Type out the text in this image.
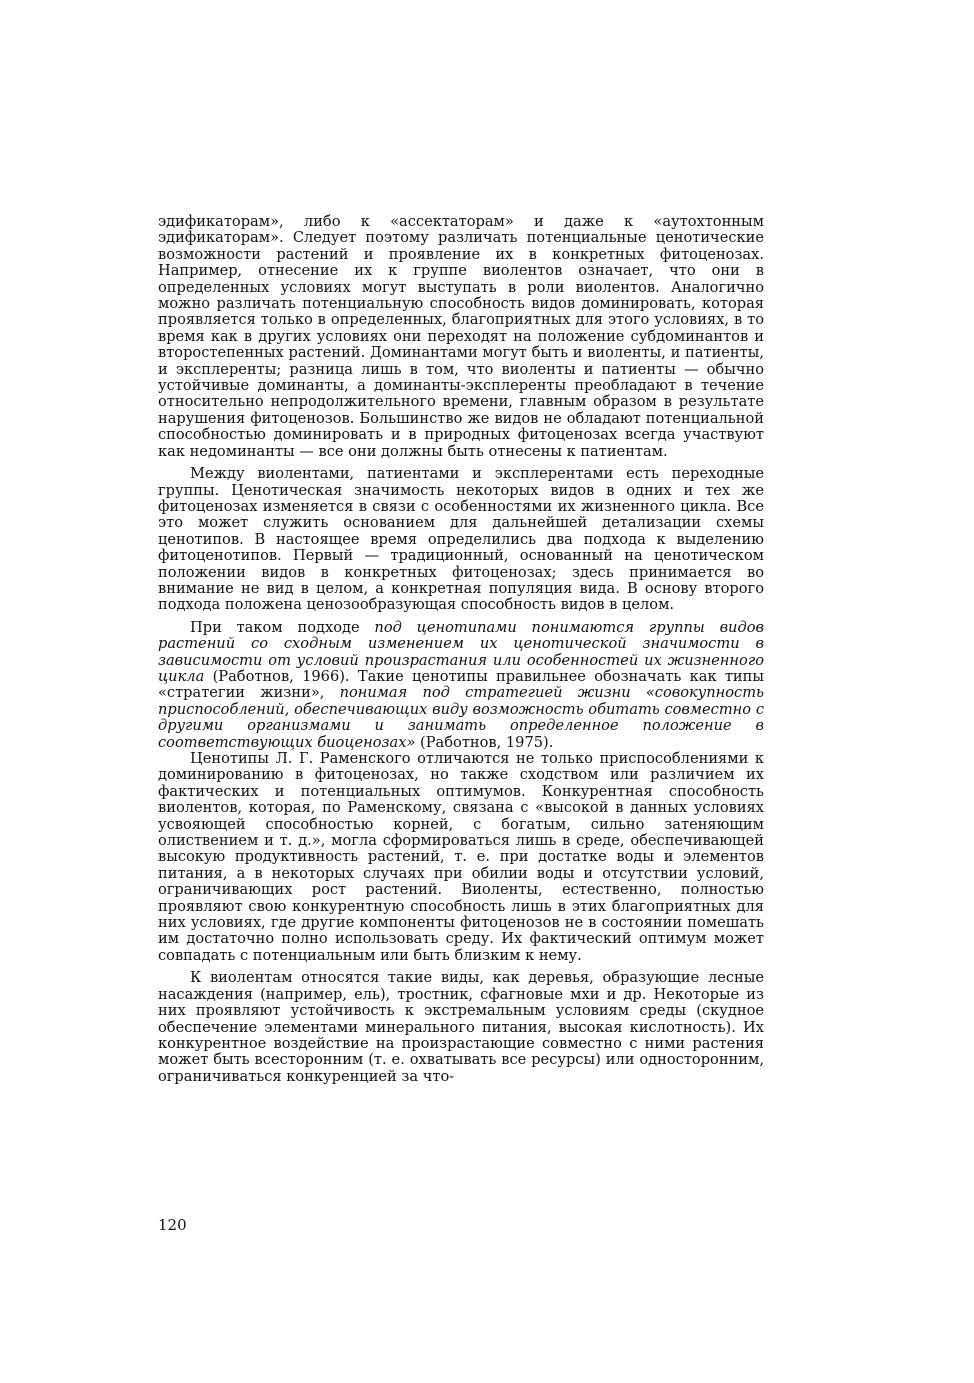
эдификаторам», либо к «ассектаторам» и даже к «аутохтонным эдификаторам». Следует поэтому различать потенциальные ценотические возможности растений и проявление их в конкретных фитоценозах. Например, отнесение их к группе виолентов означает, что они в определенных условиях могут выступать в роли виолентов. Аналогично можно различать потенциальную способность видов доминировать, которая проявляется только в определенных, благоприятных для этого условиях, в то время как в других условиях они переходят на положение субдоминантов и второстепенных растений. Доминантами могут быть и виоленты, и патиенты, и эксплеренты; разница лишь в том, что виоленты и патиенты — обычно устойчивые доминанты, а доминанты-эксплеренты преобладают в течение относительно непродолжительного времени, главным образом в результате нарушения фитоценозов. Большинство же видов не обладают потенциальной способностью доминировать и в природных фитоценозах всегда участвуют как недоминанты — все они должны быть отнесены к патиентам.

Между виолентами, патиентами и эксплерентами есть переходные группы. Ценотическая значимость некоторых видов в одних и тех же фитоценозах изменяется в связи с особенностями их жизненного цикла. Все это может служить основанием для дальнейшей детализации схемы ценотипов. В настоящее время определились два подхода к выделению фитоценотипов. Первый — традиционный, основанный на ценотическом положении видов в конкретных фитоценозах; здесь принимается во внимание не вид в целом, а конкретная популяция вида. В основу второго подхода положена ценозообразующая способность видов в целом.

При таком подходе под ценотипами понимаются группы видов растений со сходным изменением их ценотической значимости в зависимости от условий произрастания или особенностей их жизненного цикла (Работнов, 1966). Такие ценотипы правильнее обозначать как типы «стратегии жизни», понимая под стратегией жизни «совокупность приспособлений, обеспечивающих виду возможность обитать совместно с другими организмами и занимать определенное положение в соответствующих биоценозах» (Работнов, 1975).

Ценотипы Л. Г. Раменского отличаются не только приспособлениями к доминированию в фитоценозах, но также сходством или различием их фактических и потенциальных оптимумов. Конкурентная способность виолентов, которая, по Раменскому, связана с «высокой в данных условиях усвояющей способностью корней, с богатым, сильно затеняющим олиствением и т. д.», могла сформироваться лишь в среде, обеспечивающей высокую продуктивность растений, т. е. при достатке воды и элементов питания, а в некоторых случаях при обилии воды и отсутствии условий, ограничивающих рост растений. Виоленты, естественно, полностью проявляют свою конкурентную способность лишь в этих благоприятных для них условиях, где другие компоненты фитоценозов не в состоянии помешать им достаточно полно использовать среду. Их фактический оптимум может совпадать с потенциальным или быть близким к нему.

К виолентам относятся такие виды, как деревья, образующие лесные насаждения (например, ель), тростник, сфагновые мхи и др. Некоторые из них проявляют устойчивость к экстремальным условиям среды (скудное обеспечение элементами минерального питания, высокая кислотность). Их конкурентное воздействие на произрастающие совместно с ними растения может быть всесторонним (т. е. охватывать все ресурсы) или односторонним, ограничиваться конкуренцией за что-

120
